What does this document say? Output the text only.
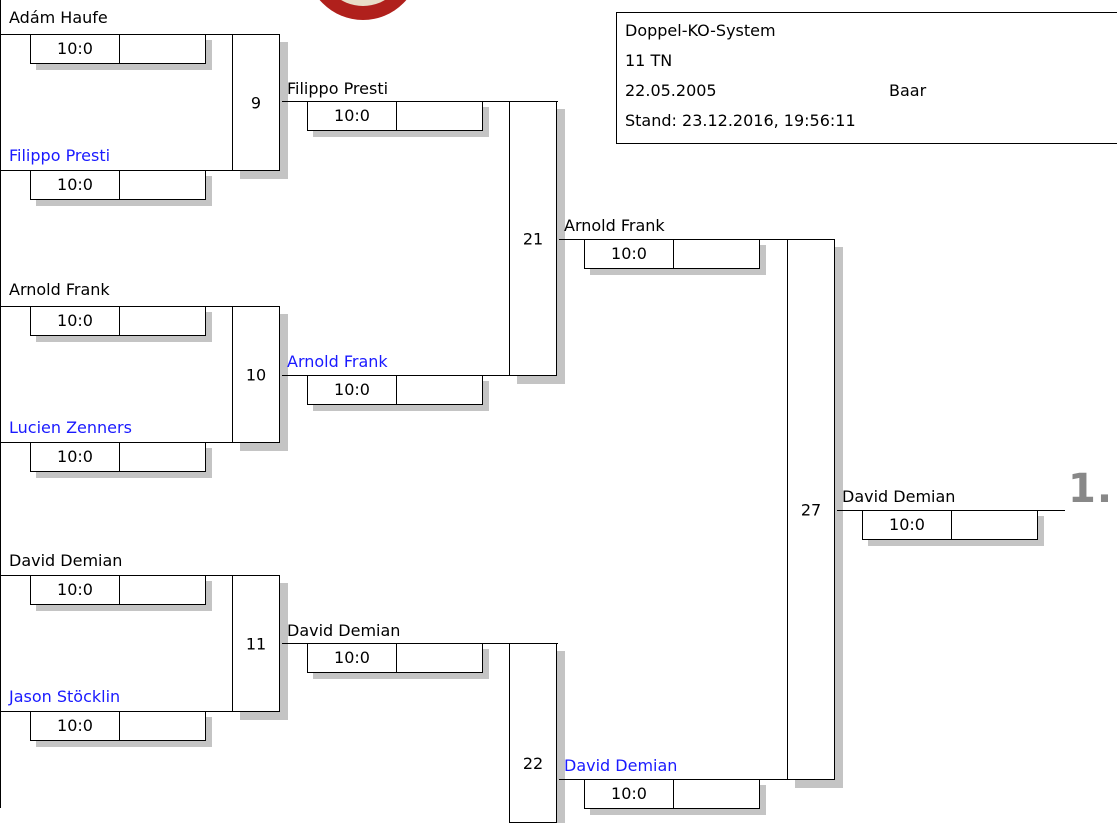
Doppel-KO-System
11 TN
22.05.2005	Baar
Stand: 23.12.2016, 19:56:11
Adám Haufe
10:0
Filippo Presti
10:0
9
Arnold Frank
10:0
Lucien Zenners
10:0
10
David Demian
10:0
Jason Stöcklin
10:0
11
Filippo Presti
10:0
Arnold Frank
10:0
21
David Demian
10:0
22
Arnold Frank
10:0
David Demian
10:0
27
David Demian
10:0
1.
